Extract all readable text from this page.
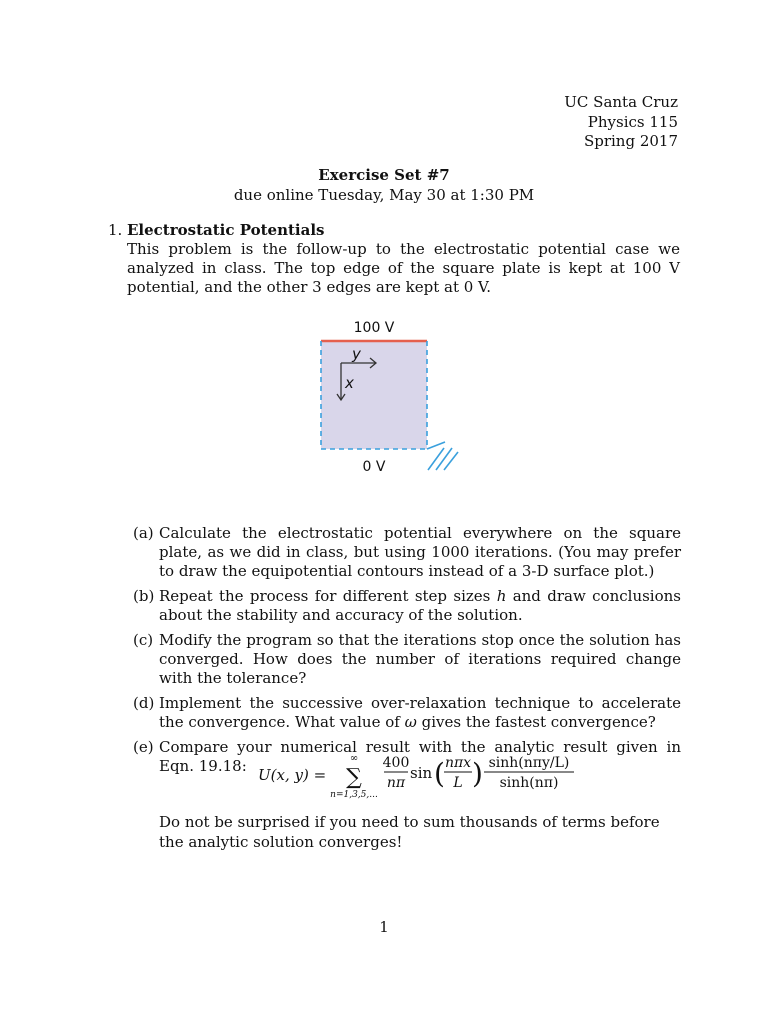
UC Santa Cruz
Physics 115
Spring 2017
Exercise Set #7
due online Tuesday, May 30 at 1:30 PM
1. Electrostatic Potentials
This problem is the follow-up to the electrostatic potential case we analyzed in class. The top edge of the square plate is kept at 100 V potential, and the other 3 edges are kept at 0 V.
100 V
0 V
y
x
(a) Calculate the electrostatic potential everywhere on the square plate, as we did in class, but using 1000 iterations. (You may prefer to draw the equipotential contours instead of a 3-D surface plot.)
(b) Repeat the process for different step sizes h and draw conclusions about the stability and accuracy of the solution.
(c) Modify the program so that the iterations stop once the solution has converged. How does the number of iterations required change with the tolerance?
(d) Implement the successive over-relaxation technique to accelerate the convergence. What value of ω gives the fastest convergence?
(e) Compare your numerical result with the analytic result given in Eqn. 19.18: U(x, y) =
∞
∑
n=1,3,5,...
400
nπ
sin ( nπx
L ) sinh(nπy/L)
sinh(nπ)
Do not be surprised if you need to sum thousands of terms before the analytic solution converges!
1
